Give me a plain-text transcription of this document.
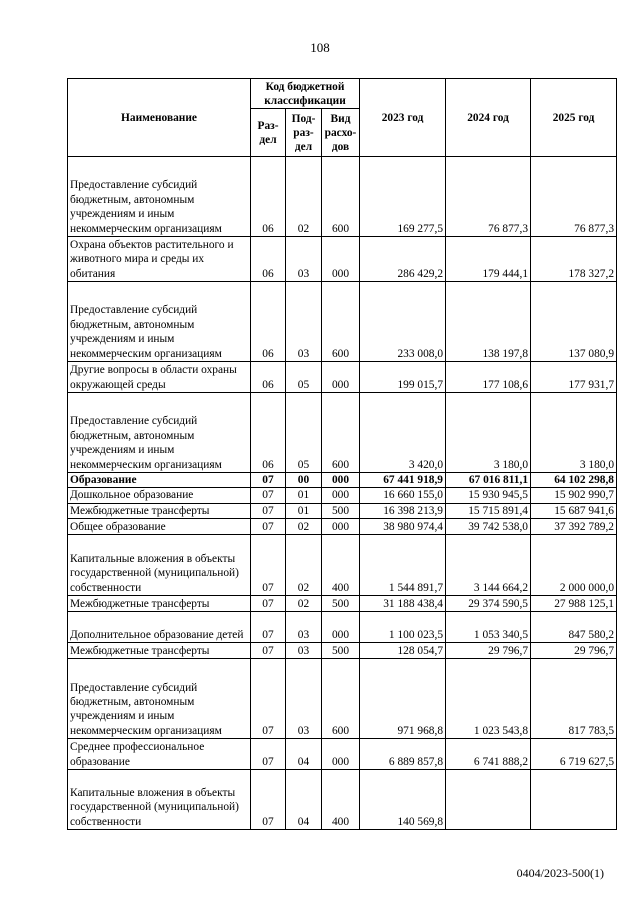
108
Наименование	Код бюджетной классификации			2023 год	2024 год	2025 год
	Раз-дел	Под-раз-дел	Вид расхо-дов			
Предоставление субсидий бюджетным, автономным учреждениям и иным некоммерческим организациям	06	02	600	169 277,5	76 877,3	76 877,3
Охрана объектов растительного и животного мира и среды их обитания	06	03	000	286 429,2	179 444,1	178 327,2
Предоставление субсидий бюджетным, автономным учреждениям и иным некоммерческим организациям	06	03	600	233 008,0	138 197,8	137 080,9
Другие вопросы в области охраны окружающей среды	06	05	000	199 015,7	177 108,6	177 931,7
Предоставление субсидий бюджетным, автономным учреждениям и иным некоммерческим организациям	06	05	600	3 420,0	3 180,0	3 180,0
Образование	07	00	000	67 441 918,9	67 016 811,1	64 102 298,8
Дошкольное образование	07	01	000	16 660 155,0	15 930 945,5	15 902 990,7
Межбюджетные трансферты	07	01	500	16 398 213,9	15 715 891,4	15 687 941,6
Общее образование	07	02	000	38 980 974,4	39 742 538,0	37 392 789,2
Капитальные вложения в объекты государственной (муниципальной) собственности	07	02	400	1 544 891,7	3 144 664,2	2 000 000,0
Межбюджетные трансферты	07	02	500	31 188 438,4	29 374 590,5	27 988 125,1
Дополнительное образование детей	07	03	000	1 100 023,5	1 053 340,5	847 580,2
Межбюджетные трансферты	07	03	500	128 054,7	29 796,7	29 796,7
Предоставление субсидий бюджетным, автономным учреждениям и иным некоммерческим организациям	07	03	600	971 968,8	1 023 543,8	817 783,5
Среднее профессиональное образование	07	04	000	6 889 857,8	6 741 888,2	6 719 627,5
Капитальные вложения в объекты государственной (муниципальной) собственности	07	04	400	140 569,8		
0404/2023-500(1)
